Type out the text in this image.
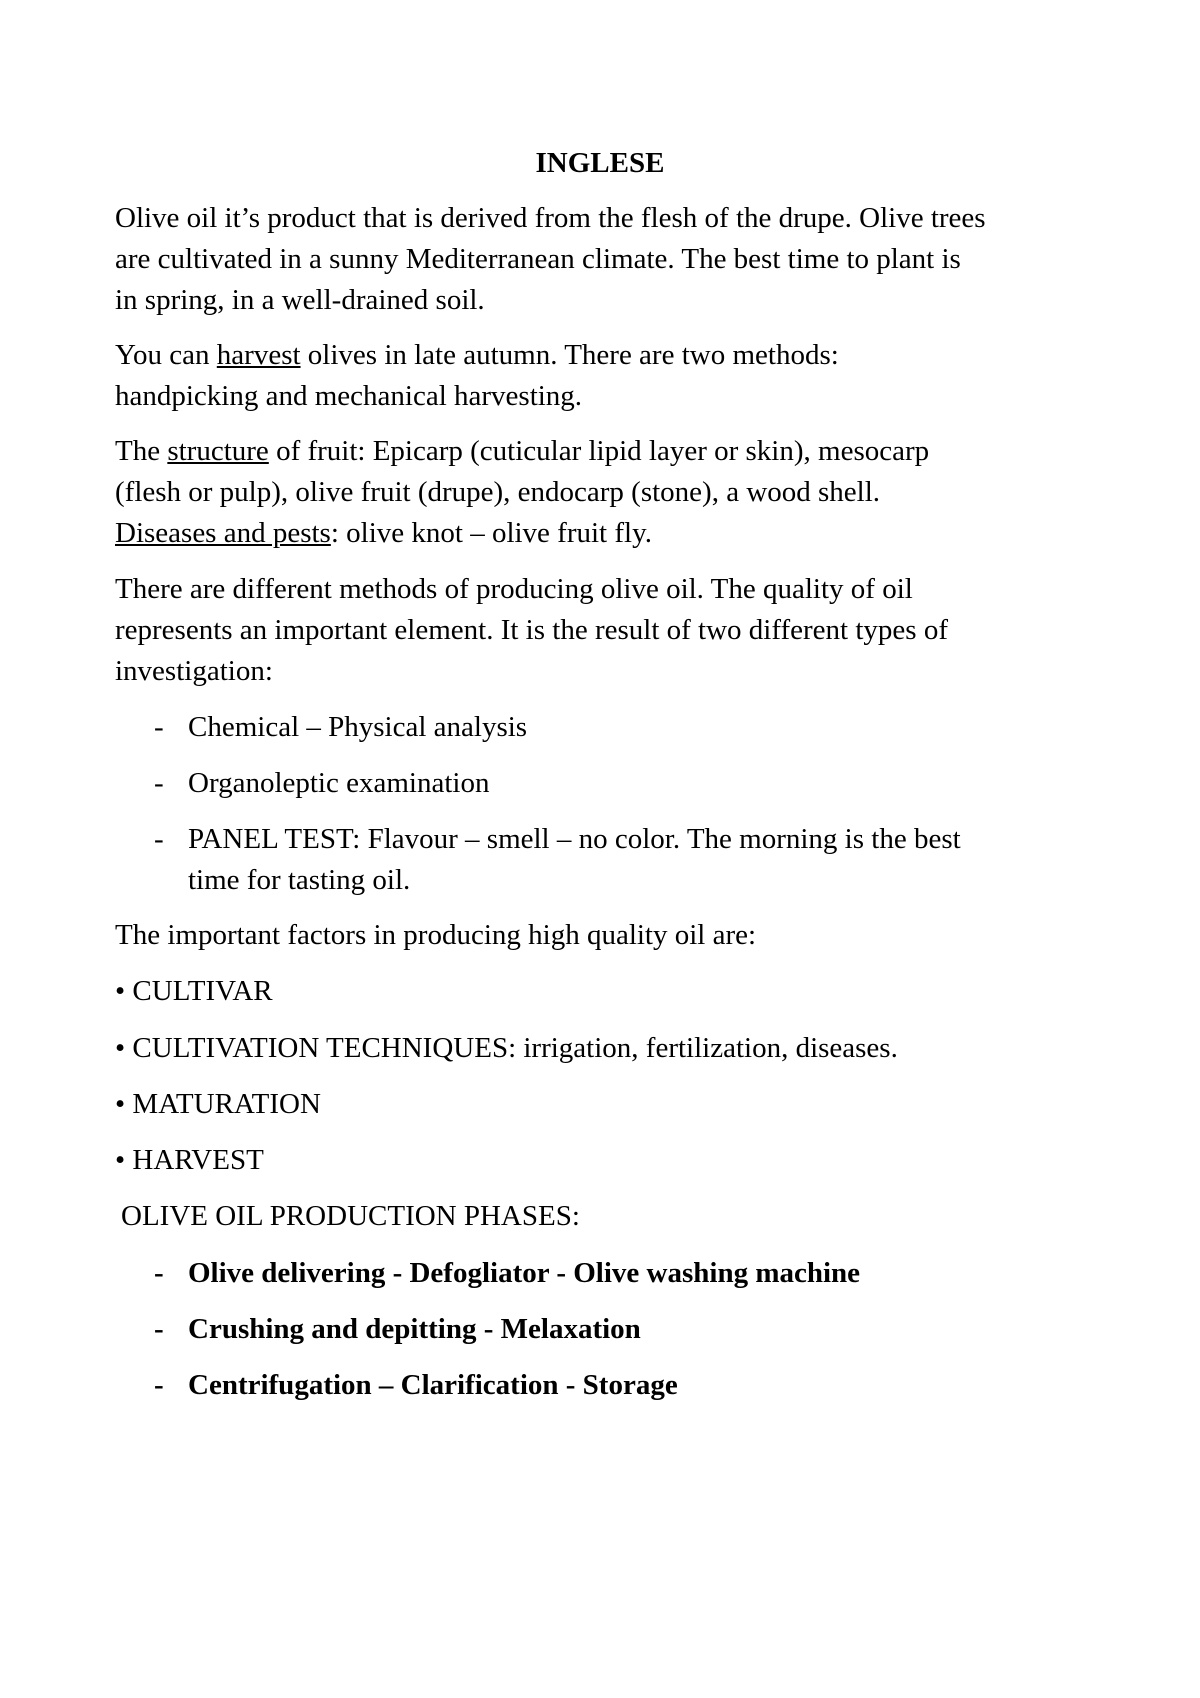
INGLESE
Olive oil it’s product that is derived from the flesh of the drupe. Olive trees
are cultivated in a sunny Mediterranean climate. The best time to plant is
in spring, in a well-drained soil.
You can harvest olives in late autumn. There are two methods:
handpicking and mechanical harvesting.
The structure of fruit: Epicarp (cuticular lipid layer or skin), mesocarp
(flesh or pulp), olive fruit (drupe), endocarp (stone), a wood shell.
Diseases and pests: olive knot – olive fruit fly.
There are different methods of producing olive oil. The quality of oil
represents an important element. It is the result of two different types of
investigation:
- Chemical – Physical analysis
- Organoleptic examination
- PANEL TEST: Flavour – smell – no color. The morning is the best
time for tasting oil.
The important factors in producing high quality oil are:
• CULTIVAR
• CULTIVATION TECHNIQUES: irrigation, fertilization, diseases.
• MATURATION
• HARVEST
OLIVE OIL PRODUCTION PHASES:
- Olive delivering - Defogliator - Olive washing machine
- Crushing and depitting - Melaxation
- Centrifugation – Clarification - Storage
